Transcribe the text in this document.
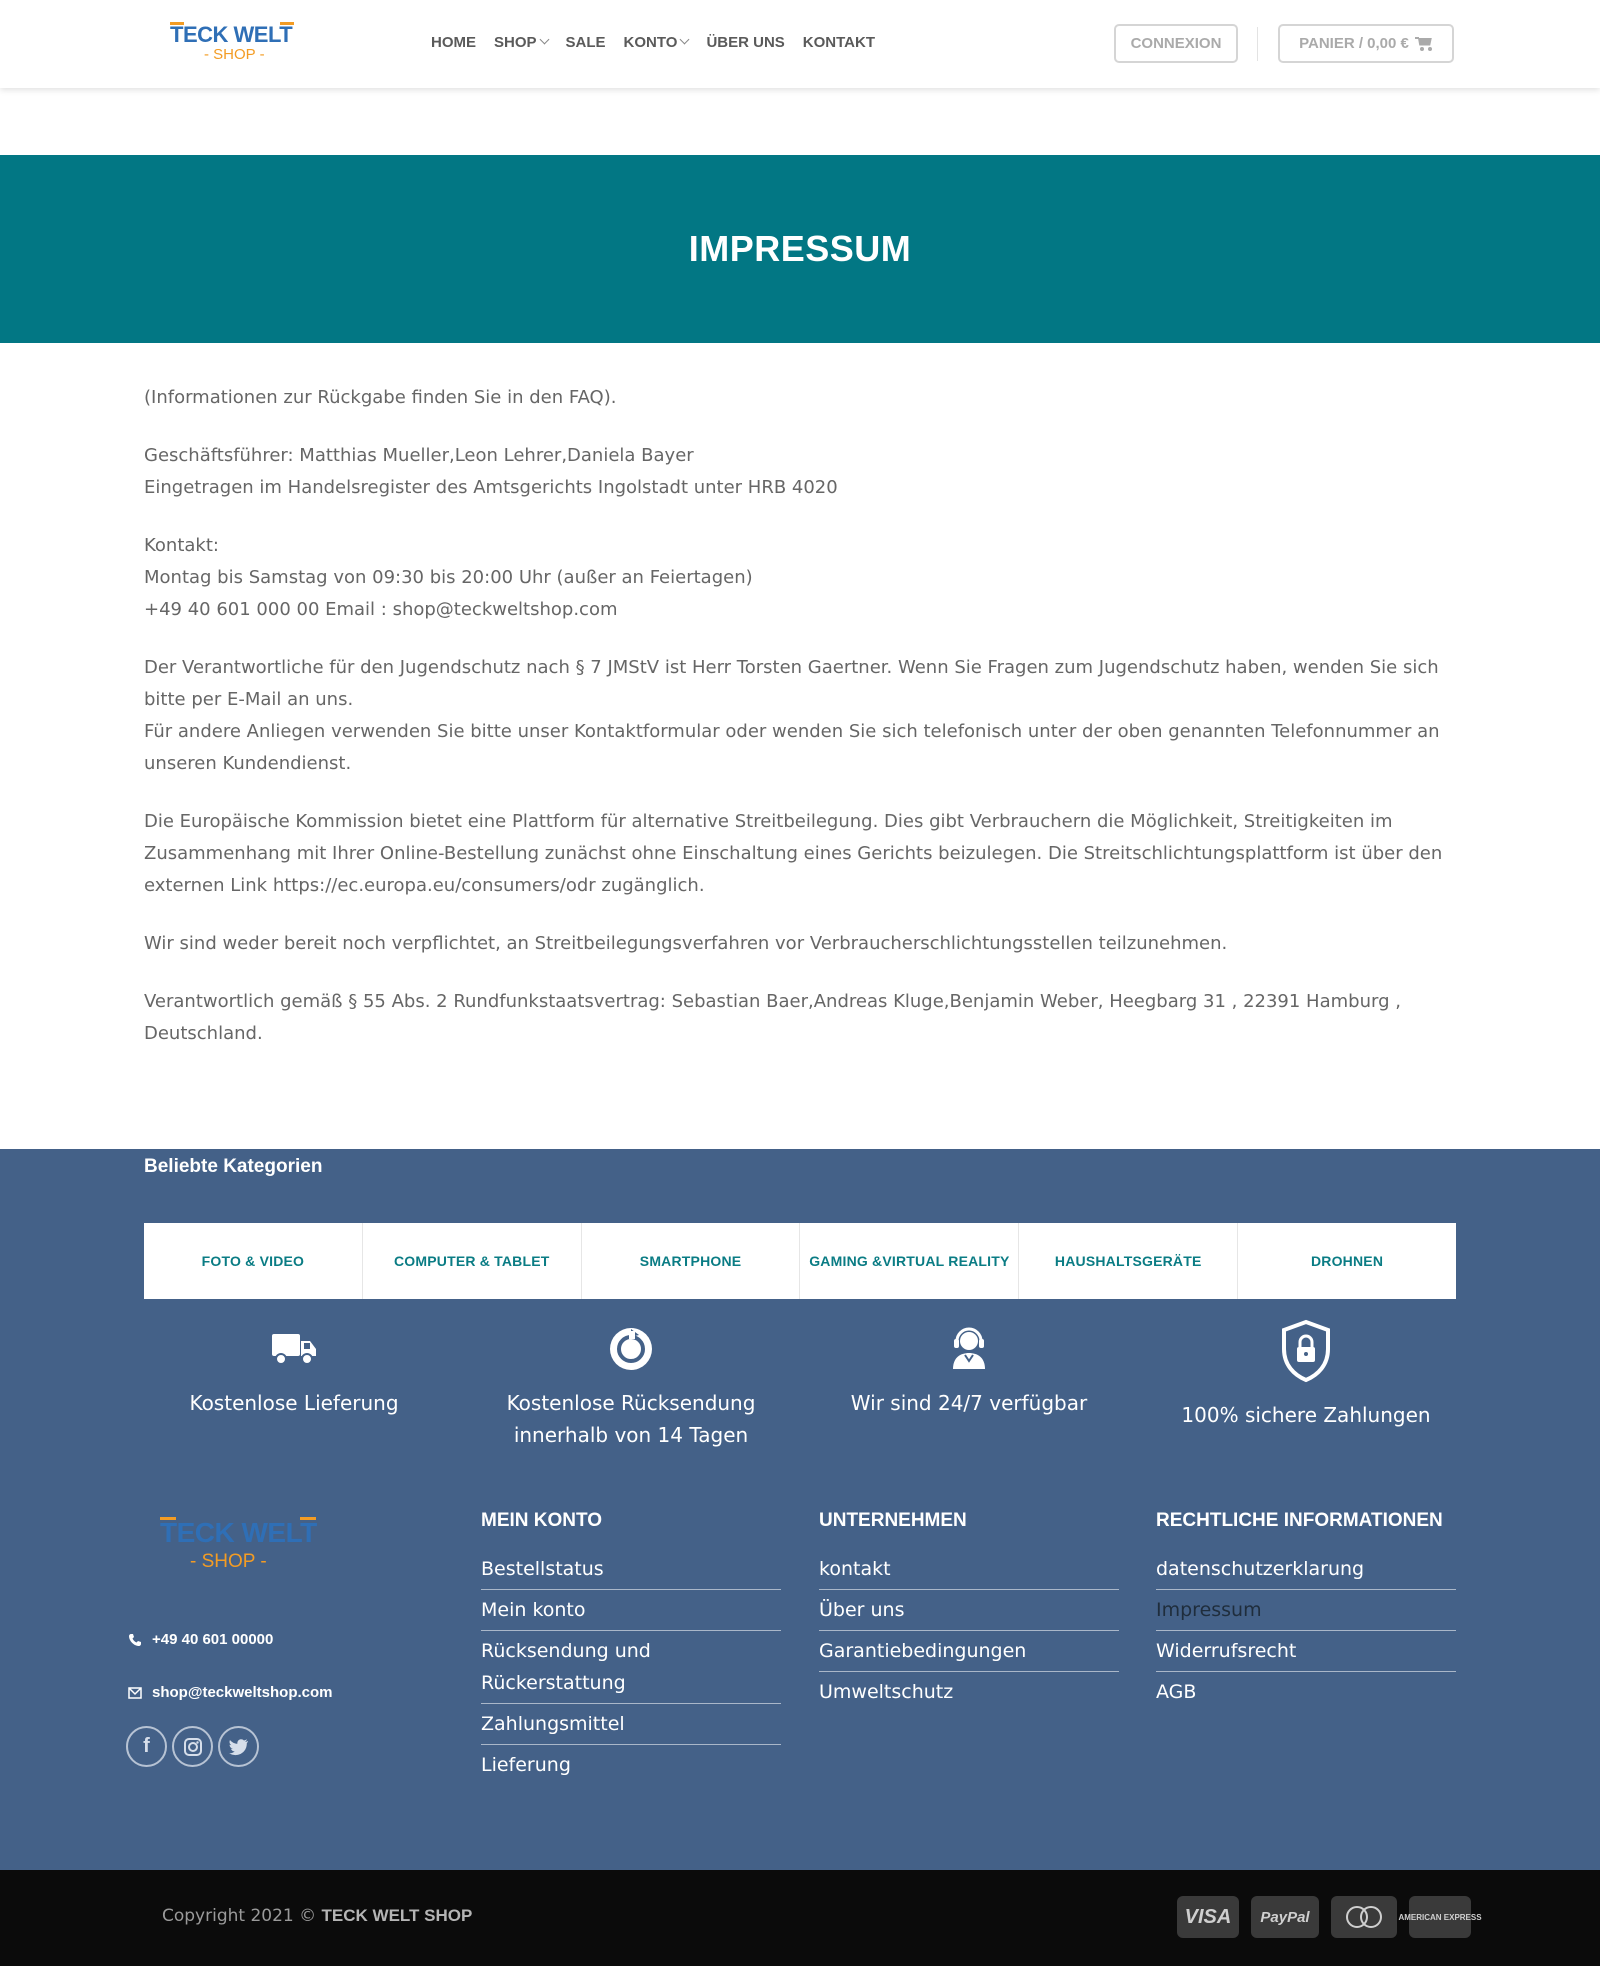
TECK WELT
- SHOP -
HOME SHOP SALE KONTO ÜBER UNS KONTAKT	CONNEXION	PANIER / 0,00 €
IMPRESSUM

(Informationen zur Rückgabe finden Sie in den FAQ).

Geschäftsführer: Matthias Mueller,Leon Lehrer,Daniela Bayer
Eingetragen im Handelsregister des Amtsgerichts Ingolstadt unter HRB 4020

Kontakt:
Montag bis Samstag von 09:30 bis 20:00 Uhr (außer an Feiertagen)
+49 40 601 000 00 Email : shop@teckweltshop.com

Der Verantwortliche für den Jugendschutz nach § 7 JMStV ist Herr Torsten Gaertner. Wenn Sie Fragen zum Jugendschutz haben, wenden Sie sich bitte per E-Mail an uns.
Für andere Anliegen verwenden Sie bitte unser Kontaktformular oder wenden Sie sich telefonisch unter der oben genannten Telefonnummer an unseren Kundendienst.

Die Europäische Kommission bietet eine Plattform für alternative Streitbeilegung. Dies gibt Verbrauchern die Möglichkeit, Streitigkeiten im Zusammenhang mit Ihrer Online-Bestellung zunächst ohne Einschaltung eines Gerichts beizulegen. Die Streitschlichtungsplattform ist über den externen Link https://ec.europa.eu/consumers/odr zugänglich.

Wir sind weder bereit noch verpflichtet, an Streitbeilegungsverfahren vor Verbraucherschlichtungsstellen teilzunehmen.

Verantwortlich gemäß § 55 Abs. 2 Rundfunkstaatsvertrag: Sebastian Baer,Andreas Kluge,Benjamin Weber, Heegbarg 31 , 22391 Hamburg , Deutschland.

Beliebte Kategorien
FOTO & VIDEO	COMPUTER & TABLET	SMARTPHONE	GAMING &VIRTUAL REALITY	HAUSHALTSGERÄTE	DROHNEN
Kostenlose Lieferung	Kostenlose Rücksendung innerhalb von 14 Tagen
Wir sind 24/7 verfügbar	100% sichere Zahlungen
TECK WELT
- SHOP -
+49 40 601 00000
shop@teckweltshop.com
f
MEIN KONTO
Bestellstatus
Mein konto
Rücksendung und Rückerstattung
Zahlungsmittel
Lieferung
UNTERNEHMEN
kontakt
Über uns
Garantiebedingungen
Umweltschutz
RECHTLICHE INFORMATIONEN
datenschutzerklarung
Impressum
Widerrufsrecht
AGB
Copyright 2021 © TECK WELT SHOP	VISA	PayPal	AMERICAN EXPRESS
